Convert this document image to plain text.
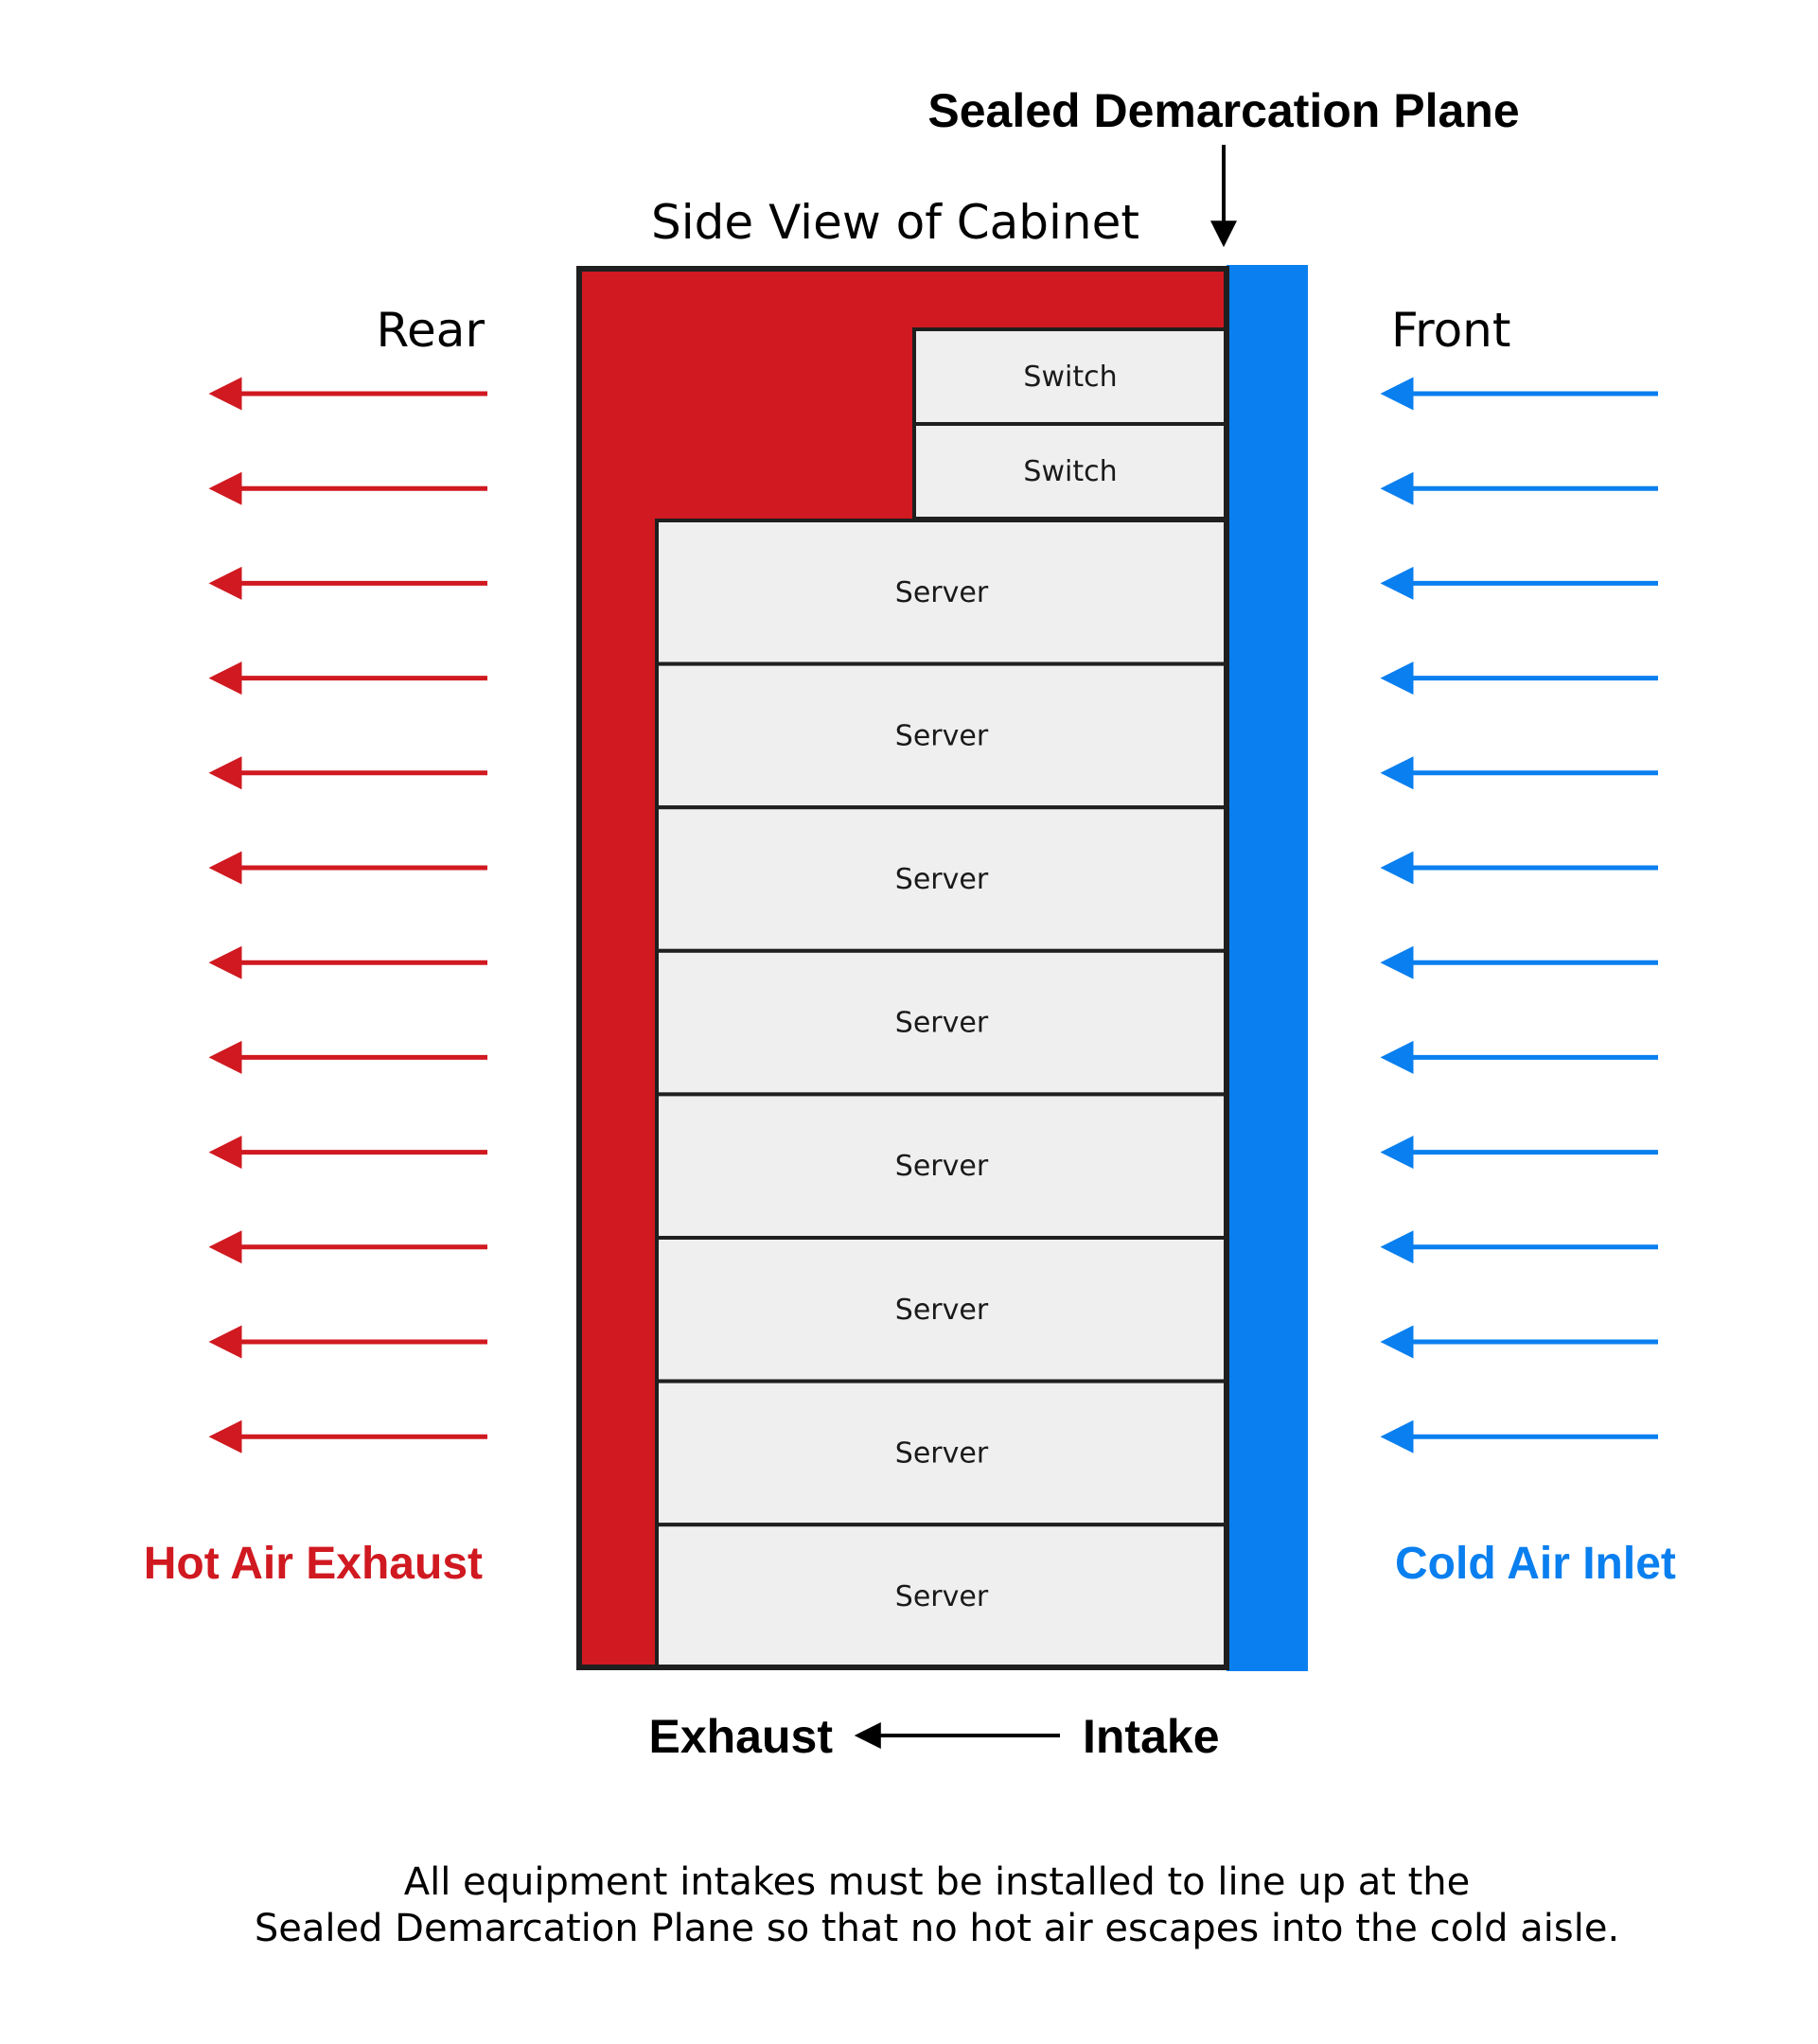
Sealed Demarcation Plane
Side View of Cabinet
Rear	Front
Switch
Switch
Server
Server
Server
Server
Server
Server
Server
Server
Hot Air Exhaust	Cold Air Inlet
Exhaust	Intake
All equipment intakes must be installed to line up at the
Sealed Demarcation Plane so that no hot air escapes into the cold aisle.
